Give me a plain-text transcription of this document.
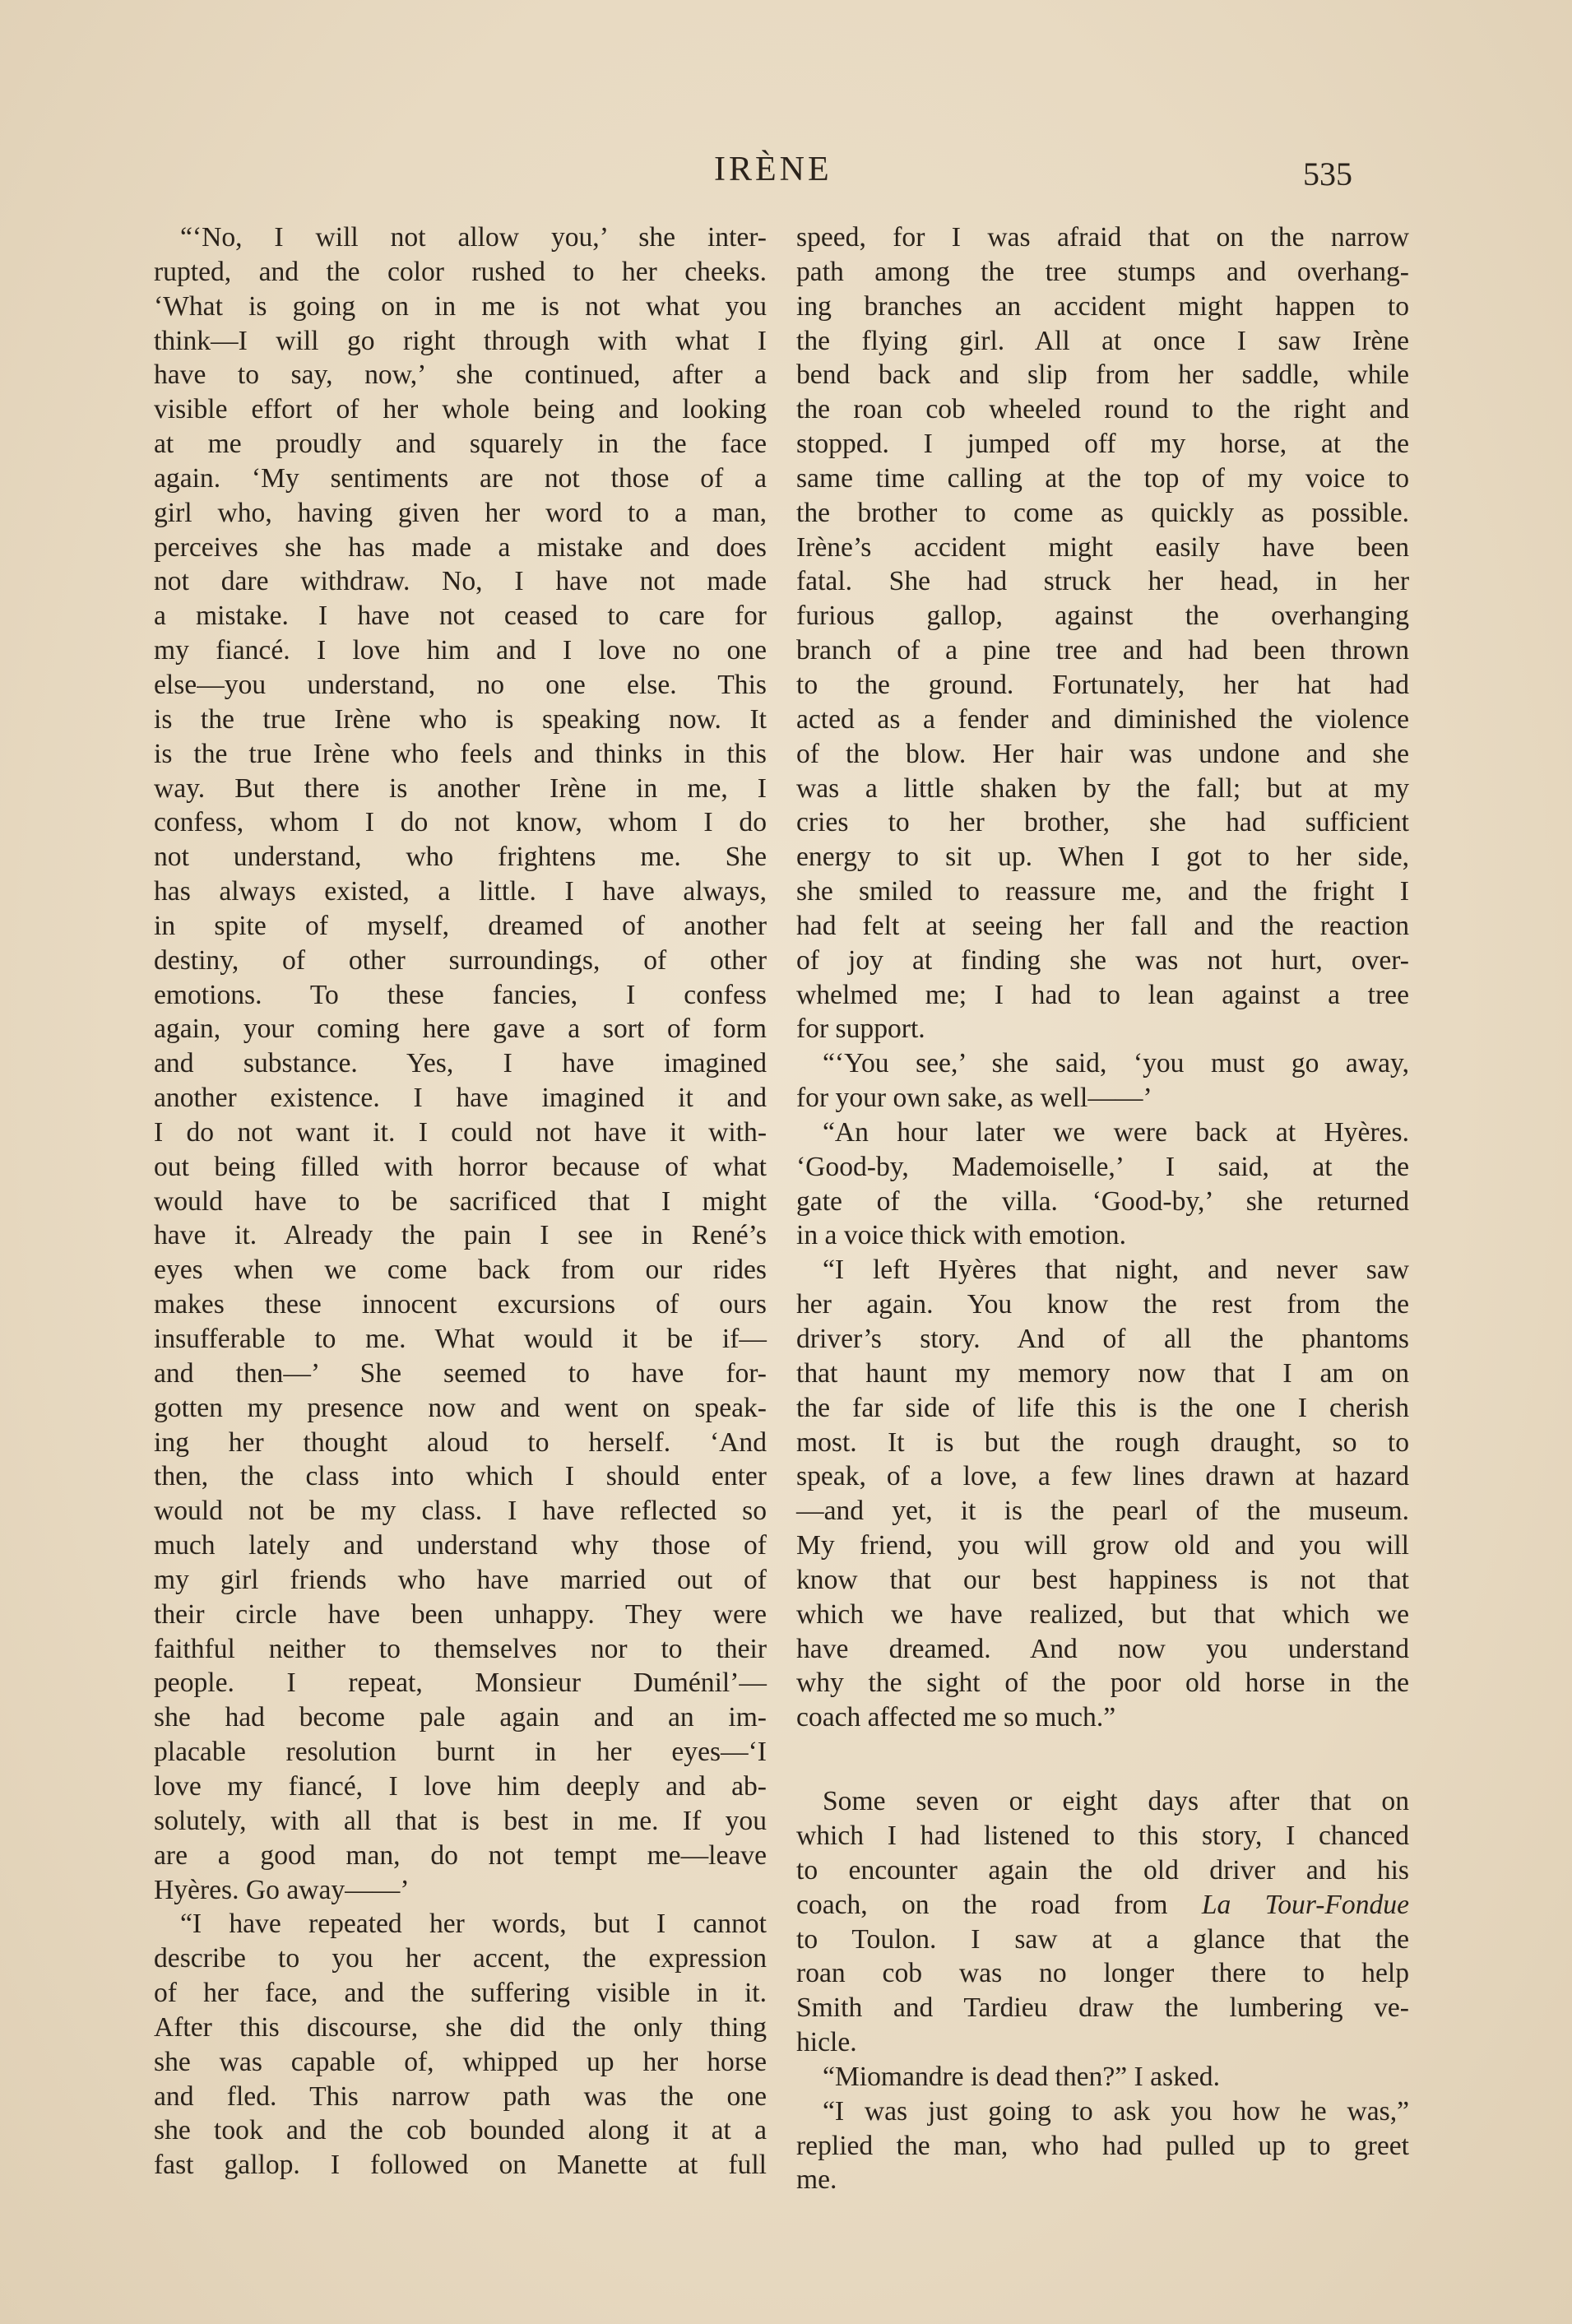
IRÈNE	535
“‘No, I will not allow you,’ she inter-
rupted, and the color rushed to her cheeks.
‘What is going on in me is not what you
think—I will go right through with what I
have to say, now,’ she continued, after a
visible effort of her whole being and looking
at me proudly and squarely in the face
again. ‘My sentiments are not those of a
girl who, having given her word to a man,
perceives she has made a mistake and does
not dare withdraw. No, I have not made
a mistake. I have not ceased to care for
my fiancé. I love him and I love no one
else—you understand, no one else. This
is the true Irène who is speaking now. It
is the true Irène who feels and thinks in this
way. But there is another Irène in me, I
confess, whom I do not know, whom I do
not understand, who frightens me. She
has always existed, a little. I have always,
in spite of myself, dreamed of another
destiny, of other surroundings, of other
emotions. To these fancies, I confess
again, your coming here gave a sort of form
and substance. Yes, I have imagined
another existence. I have imagined it and
I do not want it. I could not have it with-
out being filled with horror because of what
would have to be sacrificed that I might
have it. Already the pain I see in René’s
eyes when we come back from our rides
makes these innocent excursions of ours
insufferable to me. What would it be if—
and then—’ She seemed to have for-
gotten my presence now and went on speak-
ing her thought aloud to herself. ‘And
then, the class into which I should enter
would not be my class. I have reflected so
much lately and understand why those of
my girl friends who have married out of
their circle have been unhappy. They were
faithful neither to themselves nor to their
people. I repeat, Monsieur Duménil’—
she had become pale again and an im-
placable resolution burnt in her eyes—‘I
love my fiancé, I love him deeply and ab-
solutely, with all that is best in me. If you
are a good man, do not tempt me—leave
Hyères. Go away——’
“I have repeated her words, but I cannot
describe to you her accent, the expression
of her face, and the suffering visible in it.
After this discourse, she did the only thing
she was capable of, whipped up her horse
and fled. This narrow path was the one
she took and the cob bounded along it at a
fast gallop. I followed on Manette at full
speed, for I was afraid that on the narrow
path among the tree stumps and overhang-
ing branches an accident might happen to
the flying girl. All at once I saw Irène
bend back and slip from her saddle, while
the roan cob wheeled round to the right and
stopped. I jumped off my horse, at the
same time calling at the top of my voice to
the brother to come as quickly as possible.
Irène’s accident might easily have been
fatal. She had struck her head, in her
furious gallop, against the overhanging
branch of a pine tree and had been thrown
to the ground. Fortunately, her hat had
acted as a fender and diminished the violence
of the blow. Her hair was undone and she
was a little shaken by the fall; but at my
cries to her brother, she had sufficient
energy to sit up. When I got to her side,
she smiled to reassure me, and the fright I
had felt at seeing her fall and the reaction
of joy at finding she was not hurt, over-
whelmed me; I had to lean against a tree
for support.
“‘You see,’ she said, ‘you must go away,
for your own sake, as well——’
“An hour later we were back at Hyères.
‘Good-by, Mademoiselle,’ I said, at the
gate of the villa. ‘Good-by,’ she returned
in a voice thick with emotion.
“I left Hyères that night, and never saw
her again. You know the rest from the
driver’s story. And of all the phantoms
that haunt my memory now that I am on
the far side of life this is the one I cherish
most. It is but the rough draught, so to
speak, of a love, a few lines drawn at hazard
—and yet, it is the pearl of the museum.
My friend, you will grow old and you will
know that our best happiness is not that
which we have realized, but that which we
have dreamed. And now you understand
why the sight of the poor old horse in the
coach affected me so much.”
Some seven or eight days after that on
which I had listened to this story, I chanced
to encounter again the old driver and his
coach, on the road from La Tour-Fondue
to Toulon. I saw at a glance that the
roan cob was no longer there to help
Smith and Tardieu draw the lumbering ve-
hicle.
“Miomandre is dead then?” I asked.
“I was just going to ask you how he was,”
replied the man, who had pulled up to greet
me.
